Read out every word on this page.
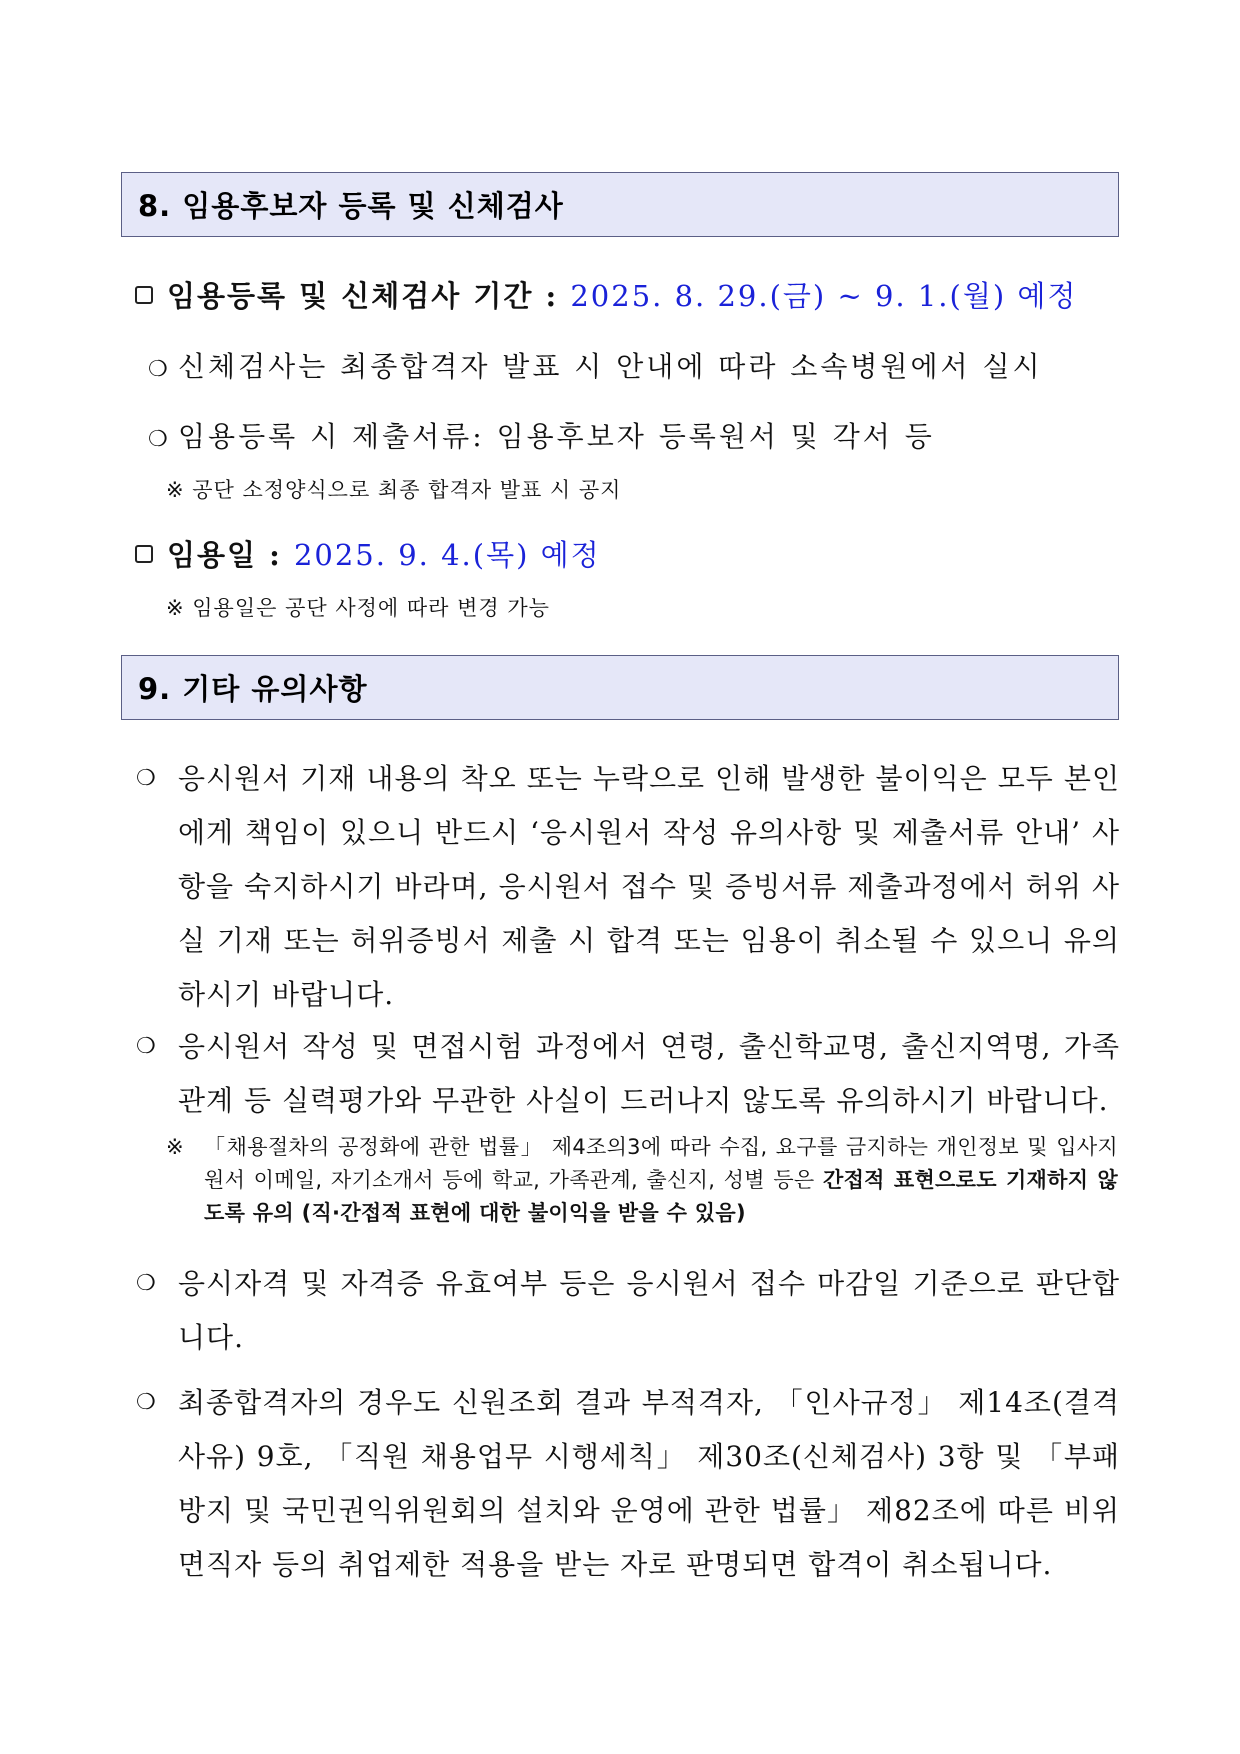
8. 임용후보자 등록 및 신체검사
임용등록 및 신체검사 기간 : 2025. 8. 29.(금) ~ 9. 1.(월) 예정
❍ 신체검사는 최종합격자 발표 시 안내에 따라 소속병원에서 실시
❍ 임용등록 시 제출서류: 임용후보자 등록원서 및 각서 등
※ 공단 소정양식으로 최종 합격자 발표 시 공지
임용일 : 2025. 9. 4.(목) 예정
※ 임용일은 공단 사정에 따라 변경 가능
9. 기타 유의사항
❍ 응시원서 기재 내용의 착오 또는 누락으로 인해 발생한 불이익은 모두 본인에게 책임이 있으니 반드시 ‘응시원서 작성 유의사항 및 제출서류 안내’ 사항을 숙지하시기 바라며, 응시원서 접수 및 증빙서류 제출과정에서 허위 사실 기재 또는 허위증빙서 제출 시 합격 또는 임용이 취소될 수 있으니 유의하시기 바랍니다.
❍ 응시원서 작성 및 면접시험 과정에서 연령, 출신학교명, 출신지역명, 가족 관계 등 실력평가와 무관한 사실이 드러나지 않도록 유의하시기 바랍니다.
※ 「채용절차의 공정화에 관한 법률」 제4조의3에 따라 수집, 요구를 금지하는 개인정보 및 입사지원서 이메일, 자기소개서 등에 학교, 가족관계, 출신지, 성별 등은 간접적 표현으로도 기재하지 않도록 유의 (직·간접적 표현에 대한 불이익을 받을 수 있음)
❍ 응시자격 및 자격증 유효여부 등은 응시원서 접수 마감일 기준으로 판단합니다.
❍ 최종합격자의 경우도 신원조회 결과 부적격자, 「인사규정」 제14조(결격사유) 9호, 「직원 채용업무 시행세칙」 제30조(신체검사) 3항 및 「부패방지 및 국민권익위원회의 설치와 운영에 관한 법률」 제82조에 따른 비위면직자 등의 취업제한 적용을 받는 자로 판명되면 합격이 취소됩니다.
